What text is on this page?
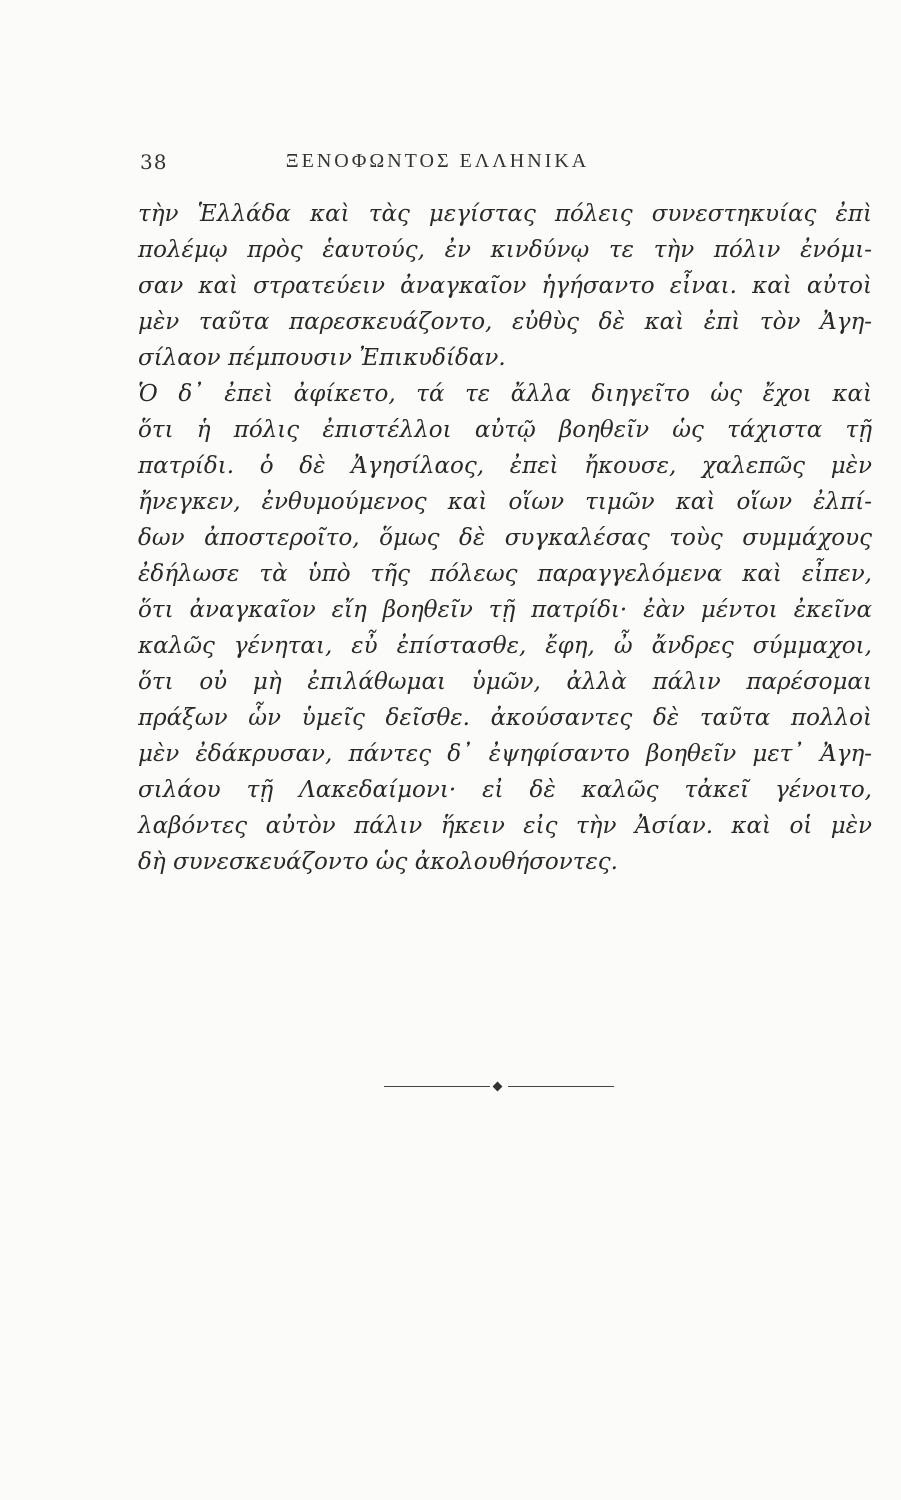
38	ΞΕΝΟΦΩΝΤΟΣ ΕΛΛΗΝΙΚΑ
τὴν Ἑλλάδα καὶ τὰς μεγίστας πόλεις συνεστηκυίας ἐπὶ
πολέμῳ πρὸς ἑαυτούς, ἐν κινδύνῳ τε τὴν πόλιν ἐνόμι-
σαν καὶ στρατεύειν ἀναγκαῖον ἡγήσαντο εἶναι. καὶ αὐτοὶ
μὲν ταῦτα παρεσκευάζοντο, εὐθὺς δὲ καὶ ἐπὶ τὸν Ἀγη-
σίλαον πέμπουσιν Ἐπικυδίδαν.
Ὁ δ᾽ ἐπεὶ ἀφίκετο, τά τε ἄλλα διηγεῖτο ὡς ἔχοι καὶ
ὅτι ἡ πόλις ἐπιστέλλοι αὐτῷ βοηθεῖν ὡς τάχιστα τῇ
πατρίδι. ὁ δὲ Ἀγησίλαος, ἐπεὶ ἤκουσε, χαλεπῶς μὲν
ἤνεγκεν, ἐνθυμούμενος καὶ οἵων τιμῶν καὶ οἵων ἐλπί-
δων ἀποστεροῖτο, ὅμως δὲ συγκαλέσας τοὺς συμμάχους
ἐδήλωσε τὰ ὑπὸ τῆς πόλεως παραγγελόμενα καὶ εἶπεν,
ὅτι ἀναγκαῖον εἴη βοηθεῖν τῇ πατρίδι· ἐὰν μέντοι ἐκεῖνα
καλῶς γένηται, εὖ ἐπίστασθε, ἔφη, ὦ ἄνδρες σύμμαχοι,
ὅτι οὐ μὴ ἐπιλάθωμαι ὑμῶν, ἀλλὰ πάλιν παρέσομαι
πράξων ὧν ὑμεῖς δεῖσθε. ἀκούσαντες δὲ ταῦτα πολλοὶ
μὲν ἐδάκρυσαν, πάντες δ᾽ ἐψηφίσαντο βοηθεῖν μετ᾽ Ἀγη-
σιλάου τῇ Λακεδαίμονι· εἰ δὲ καλῶς τἀκεῖ γένοιτο,
λαβόντες αὐτὸν πάλιν ἥκειν εἰς τὴν Ἀσίαν. καὶ οἱ μὲν
δὴ συνεσκευάζοντο ὡς ἀκολουθήσοντες.
